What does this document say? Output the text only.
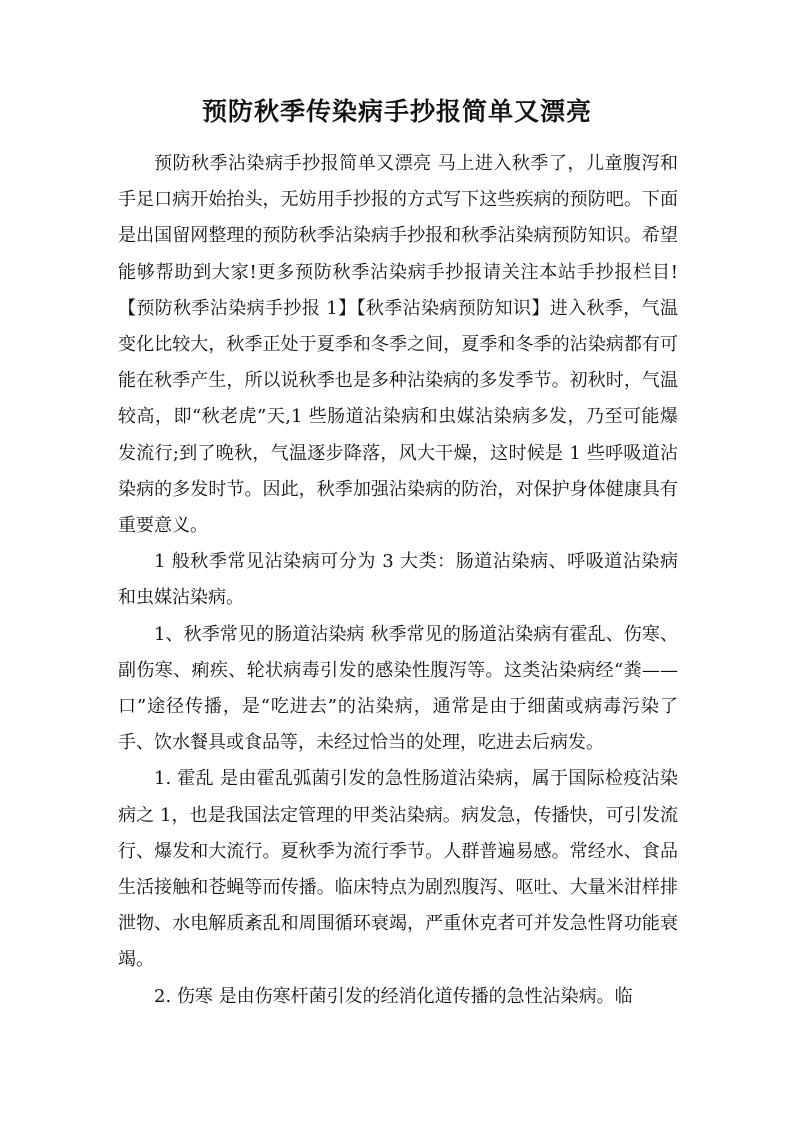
预防秋季传染病手抄报简单又漂亮

预防秋季沾染病手抄报简单又漂亮 马上进入秋季了，儿童腹泻和手足口病开始抬头，无妨用手抄报的方式写下这些疾病的预防吧。下面是出国留网整理的预防秋季沾染病手抄报和秋季沾染病预防知识。希望能够帮助到大家!更多预防秋季沾染病手抄报请关注本站手抄报栏目!【预防秋季沾染病手抄报 1】【秋季沾染病预防知识】进入秋季，气温变化比较大，秋季正处于夏季和冬季之间，夏季和冬季的沾染病都有可能在秋季产生，所以说秋季也是多种沾染病的多发季节。初秋时，气温较高，即“秋老虎”天,1 些肠道沾染病和虫媒沾染病多发，乃至可能爆发流行;到了晚秋，气温逐步降落，风大干燥，这时候是 1 些呼吸道沾染病的多发时节。因此，秋季加强沾染病的防治，对保护身体健康具有重要意义。

1 般秋季常见沾染病可分为 3 大类：肠道沾染病、呼吸道沾染病和虫媒沾染病。

1、秋季常见的肠道沾染病 秋季常见的肠道沾染病有霍乱、伤寒、副伤寒、痢疾、轮状病毒引发的感染性腹泻等。这类沾染病经“粪—— 口”途径传播，是“吃进去”的沾染病，通常是由于细菌或病毒污染了手、饮水餐具或食品等，未经过恰当的处理，吃进去后病发。

1. 霍乱 是由霍乱弧菌引发的急性肠道沾染病，属于国际检疫沾染病之 1，也是我国法定管理的甲类沾染病。病发急，传播快，可引发流行、爆发和大流行。夏秋季为流行季节。人群普遍易感。常经水、食品生活接触和苍蝇等而传播。临床特点为剧烈腹泻、呕吐、大量米泔样排泄物、水电解质紊乱和周围循环衰竭，严重休克者可并发急性肾功能衰竭。

2. 伤寒 是由伤寒杆菌引发的经消化道传播的急性沾染病。临
